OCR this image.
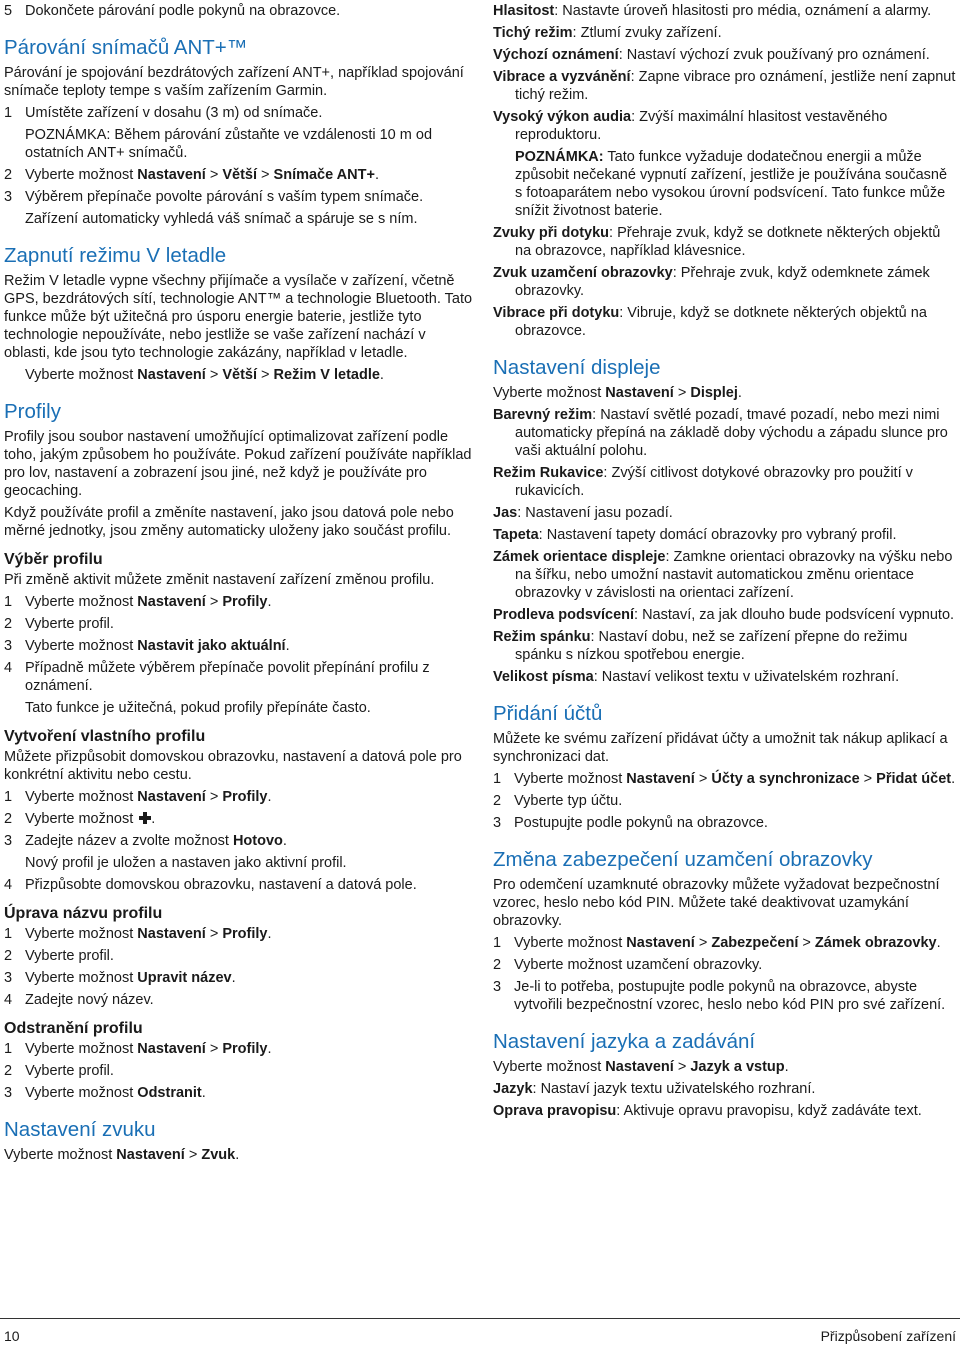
5 Dokončete párování podle pokynů na obrazovce.
Párování snímačů ANT+™

Párování je spojování bezdrátových zařízení ANT+, například spojování snímače teploty tempe s vaším zařízením Garmin.

1 Umístěte zařízení v dosahu (3 m) od snímače.
POZNÁMKA: Během párování zůstaňte ve vzdálenosti 10 m od ostatních ANT+ snímačů.
2 Vyberte možnost Nastavení > Větší > Snímače ANT+.
3 Výběrem přepínače povolte párování s vaším typem snímače.
Zařízení automaticky vyhledá váš snímač a spáruje se s ním.
Zapnutí režimu V letadle

Režim V letadle vypne všechny přijímače a vysílače v zařízení, včetně GPS, bezdrátových sítí, technologie ANT™ a technologie Bluetooth. Tato funkce může být užitečná pro úsporu energie baterie, jestliže tyto technologie nepoužíváte, nebo jestliže se vaše zařízení nachází v oblasti, kde jsou tyto technologie zakázány, například v letadle.

Vyberte možnost Nastavení > Větší > Režim V letadle.
Profily

Profily jsou soubor nastavení umožňující optimalizovat zařízení podle toho, jakým způsobem ho používáte. Pokud zařízení používáte například pro lov, nastavení a zobrazení jsou jiné, než když je používáte pro geocaching.

Když používáte profil a změníte nastavení, jako jsou datová pole nebo měrné jednotky, jsou změny automaticky uloženy jako součást profilu.

Výběr profilu

Při změně aktivit můžete změnit nastavení zařízení změnou profilu.

1 Vyberte možnost Nastavení > Profily.
2 Vyberte profil.
3 Vyberte možnost Nastavit jako aktuální.
4 Případně můžete výběrem přepínače povolit přepínání profilu z oznámení.
Tato funkce je užitečná, pokud profily přepínáte často.
Vytvoření vlastního profilu

Můžete přizpůsobit domovskou obrazovku, nastavení a datová pole pro konkrétní aktivitu nebo cestu.

1 Vyberte možnost Nastavení > Profily.
2 Vyberte možnost .
3 Zadejte název a zvolte možnost Hotovo.
Nový profil je uložen a nastaven jako aktivní profil.
4 Přizpůsobte domovskou obrazovku, nastavení a datová pole.
Úprava názvu profilu
1 Vyberte možnost Nastavení > Profily.
2 Vyberte profil.
3 Vyberte možnost Upravit název.
4 Zadejte nový název.
Odstranění profilu
1 Vyberte možnost Nastavení > Profily.
2 Vyberte profil.
3 Vyberte možnost Odstranit.
Nastavení zvuku

Vyberte možnost Nastavení > Zvuk.

Hlasitost: Nastavte úroveň hlasitosti pro média, oznámení a alarmy.
Tichý režim: Ztlumí zvuky zařízení.
Výchozí oznámení: Nastaví výchozí zvuk používaný pro oznámení.
Vibrace a vyzvánění: Zapne vibrace pro oznámení, jestliže není zapnut tichý režim.
Vysoký výkon audia: Zvýší maximální hlasitost vestavěného reproduktoru.
POZNÁMKA: Tato funkce vyžaduje dodatečnou energii a může způsobit nečekané vypnutí zařízení, jestliže je používána současně s fotoaparátem nebo vysokou úrovní podsvícení. Tato funkce může snížit životnost baterie.
Zvuky při dotyku: Přehraje zvuk, když se dotknete některých objektů na obrazovce, například klávesnice.
Zvuk uzamčení obrazovky: Přehraje zvuk, když odemknete zámek obrazovky.
Vibrace při dotyku: Vibruje, když se dotknete některých objektů na obrazovce.
Nastavení displeje

Vyberte možnost Nastavení > Displej.

Barevný režim: Nastaví světlé pozadí, tmavé pozadí, nebo mezi nimi automaticky přepíná na základě doby východu a západu slunce pro vaši aktuální polohu.
Režim Rukavice: Zvýší citlivost dotykové obrazovky pro použití v rukavicích.
Jas: Nastavení jasu pozadí.
Tapeta: Nastavení tapety domácí obrazovky pro vybraný profil.
Zámek orientace displeje: Zamkne orientaci obrazovky na výšku nebo na šířku, nebo umožní nastavit automatickou změnu orientace obrazovky v závislosti na orientaci zařízení.
Prodleva podsvícení: Nastaví, za jak dlouho bude podsvícení vypnuto.
Režim spánku: Nastaví dobu, než se zařízení přepne do režimu spánku s nízkou spotřebou energie.
Velikost písma: Nastaví velikost textu v uživatelském rozhraní.
Přidání účtů

Můžete ke svému zařízení přidávat účty a umožnit tak nákup aplikací a synchronizaci dat.

1 Vyberte možnost Nastavení > Účty a synchronizace > Přidat účet.
2 Vyberte typ účtu.
3 Postupujte podle pokynů na obrazovce.
Změna zabezpečení uzamčení obrazovky

Pro odemčení uzamknuté obrazovky můžete vyžadovat bezpečnostní vzorec, heslo nebo kód PIN. Můžete také deaktivovat uzamykání obrazovky.

1 Vyberte možnost Nastavení > Zabezpečení > Zámek obrazovky.
2 Vyberte možnost uzamčení obrazovky.
3 Je-li to potřeba, postupujte podle pokynů na obrazovce, abyste vytvořili bezpečnostní vzorec, heslo nebo kód PIN pro své zařízení.
Nastavení jazyka a zadávání

Vyberte možnost Nastavení > Jazyk a vstup.

Jazyk: Nastaví jazyk textu uživatelského rozhraní.
Oprava pravopisu: Aktivuje opravu pravopisu, když zadáváte text.
10	Přizpůsobení zařízení
